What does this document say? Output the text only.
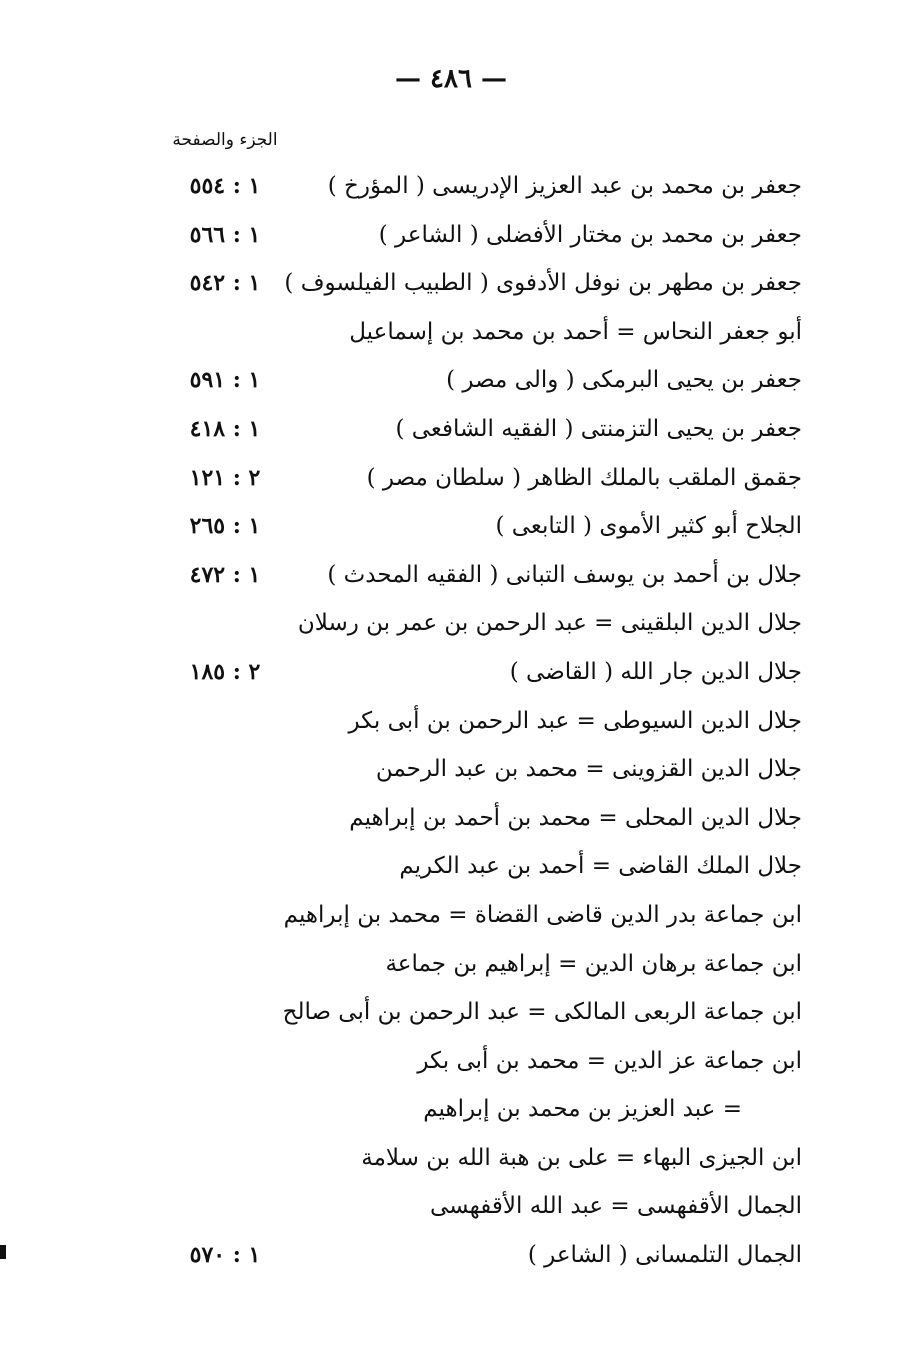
— ٤٨٦ —
الجزء والصفحة
جعفر بن محمد بن عبد العزيز الإدريسى ( المؤرخ )
١ : ٥٥٤
جعفر بن محمد بن مختار الأفضلى ( الشاعر )
١ : ٥٦٦
جعفر بن مطهر بن نوفل الأدفوى ( الطبيب الفيلسوف )
١ : ٥٤٢
أبو جعفر النحاس = أحمد بن محمد بن إسماعيل
جعفر بن يحيى البرمكى ( والى مصر )
١ : ٥٩١
جعفر بن يحيى التزمنتى ( الفقيه الشافعى )
١ : ٤١٨
جقمق الملقب بالملك الظاهر ( سلطان مصر )
٢ : ١٢١
الجلاح أبو كثير الأموى ( التابعى )
١ : ٢٦٥
جلال بن أحمد بن يوسف التبانى ( الفقيه المحدث )
١ : ٤٧٢
جلال الدين البلقينى = عبد الرحمن بن عمر بن رسلان
جلال الدين جار الله ( القاضى )
٢ : ١٨٥
جلال الدين السيوطى = عبد الرحمن بن أبى بكر
جلال الدين القزوينى = محمد بن عبد الرحمن
جلال الدين المحلى = محمد بن أحمد بن إبراهيم
جلال الملك القاضى = أحمد بن عبد الكريم
ابن جماعة بدر الدين قاضى القضاة = محمد بن إبراهيم
ابن جماعة برهان الدين = إبراهيم بن جماعة
ابن جماعة الربعى المالكى = عبد الرحمن بن أبى صالح
ابن جماعة عز الدين = محمد بن أبى بكر
= عبد العزيز بن محمد بن إبراهيم
ابن الجيزى البهاء = على بن هبة الله بن سلامة
الجمال الأقفهسى = عبد الله الأقفهسى
الجمال التلمسانى ( الشاعر )
١ : ٥٧٠
